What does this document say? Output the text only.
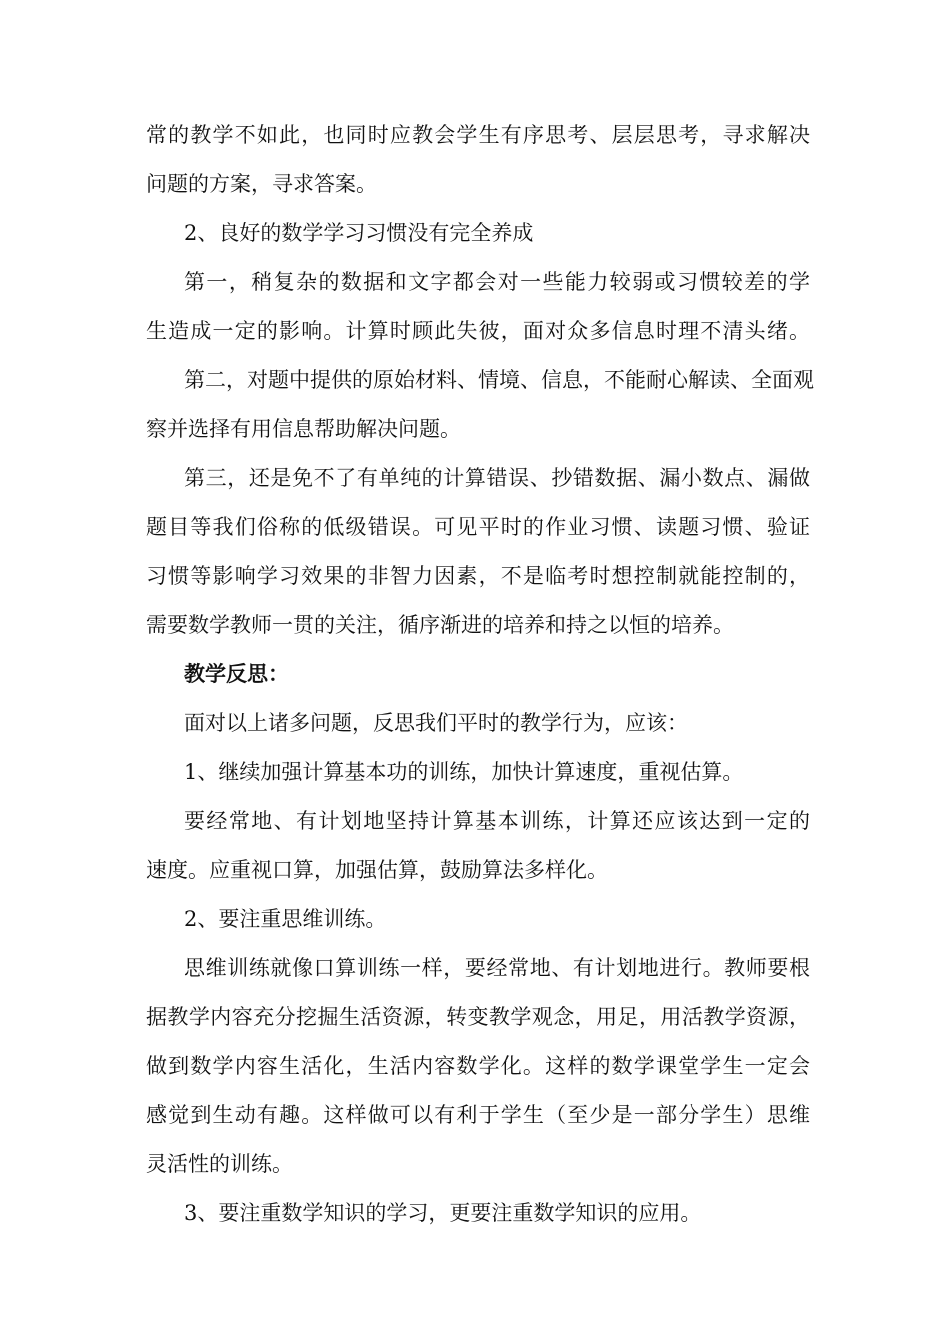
常的教学不如此，也同时应教会学生有序思考、层层思考，寻求解决
问题的方案，寻求答案。
2、良好的数学学习习惯没有完全养成
第一，稍复杂的数据和文字都会对一些能力较弱或习惯较差的学
生造成一定的影响。计算时顾此失彼，面对众多信息时理不清头绪。
第二，对题中提供的原始材料、情境、信息，不能耐心解读、全面观
察并选择有用信息帮助解决问题。
第三，还是免不了有单纯的计算错误、抄错数据、漏小数点、漏做
题目等我们俗称的低级错误。可见平时的作业习惯、读题习惯、验证
习惯等影响学习效果的非智力因素，不是临考时想控制就能控制的，
需要数学教师一贯的关注，循序渐进的培养和持之以恒的培养。
教学反思：
面对以上诸多问题，反思我们平时的教学行为，应该：
1、继续加强计算基本功的训练，加快计算速度，重视估算。
要经常地、有计划地坚持计算基本训练，计算还应该达到一定的
速度。应重视口算，加强估算，鼓励算法多样化。
2、要注重思维训练。
思维训练就像口算训练一样，要经常地、有计划地进行。教师要根
据教学内容充分挖掘生活资源，转变教学观念，用足，用活教学资源，
做到数学内容生活化，生活内容数学化。这样的数学课堂学生一定会
感觉到生动有趣。这样做可以有利于学生（至少是一部分学生）思维
灵活性的训练。
3、要注重数学知识的学习，更要注重数学知识的应用。
